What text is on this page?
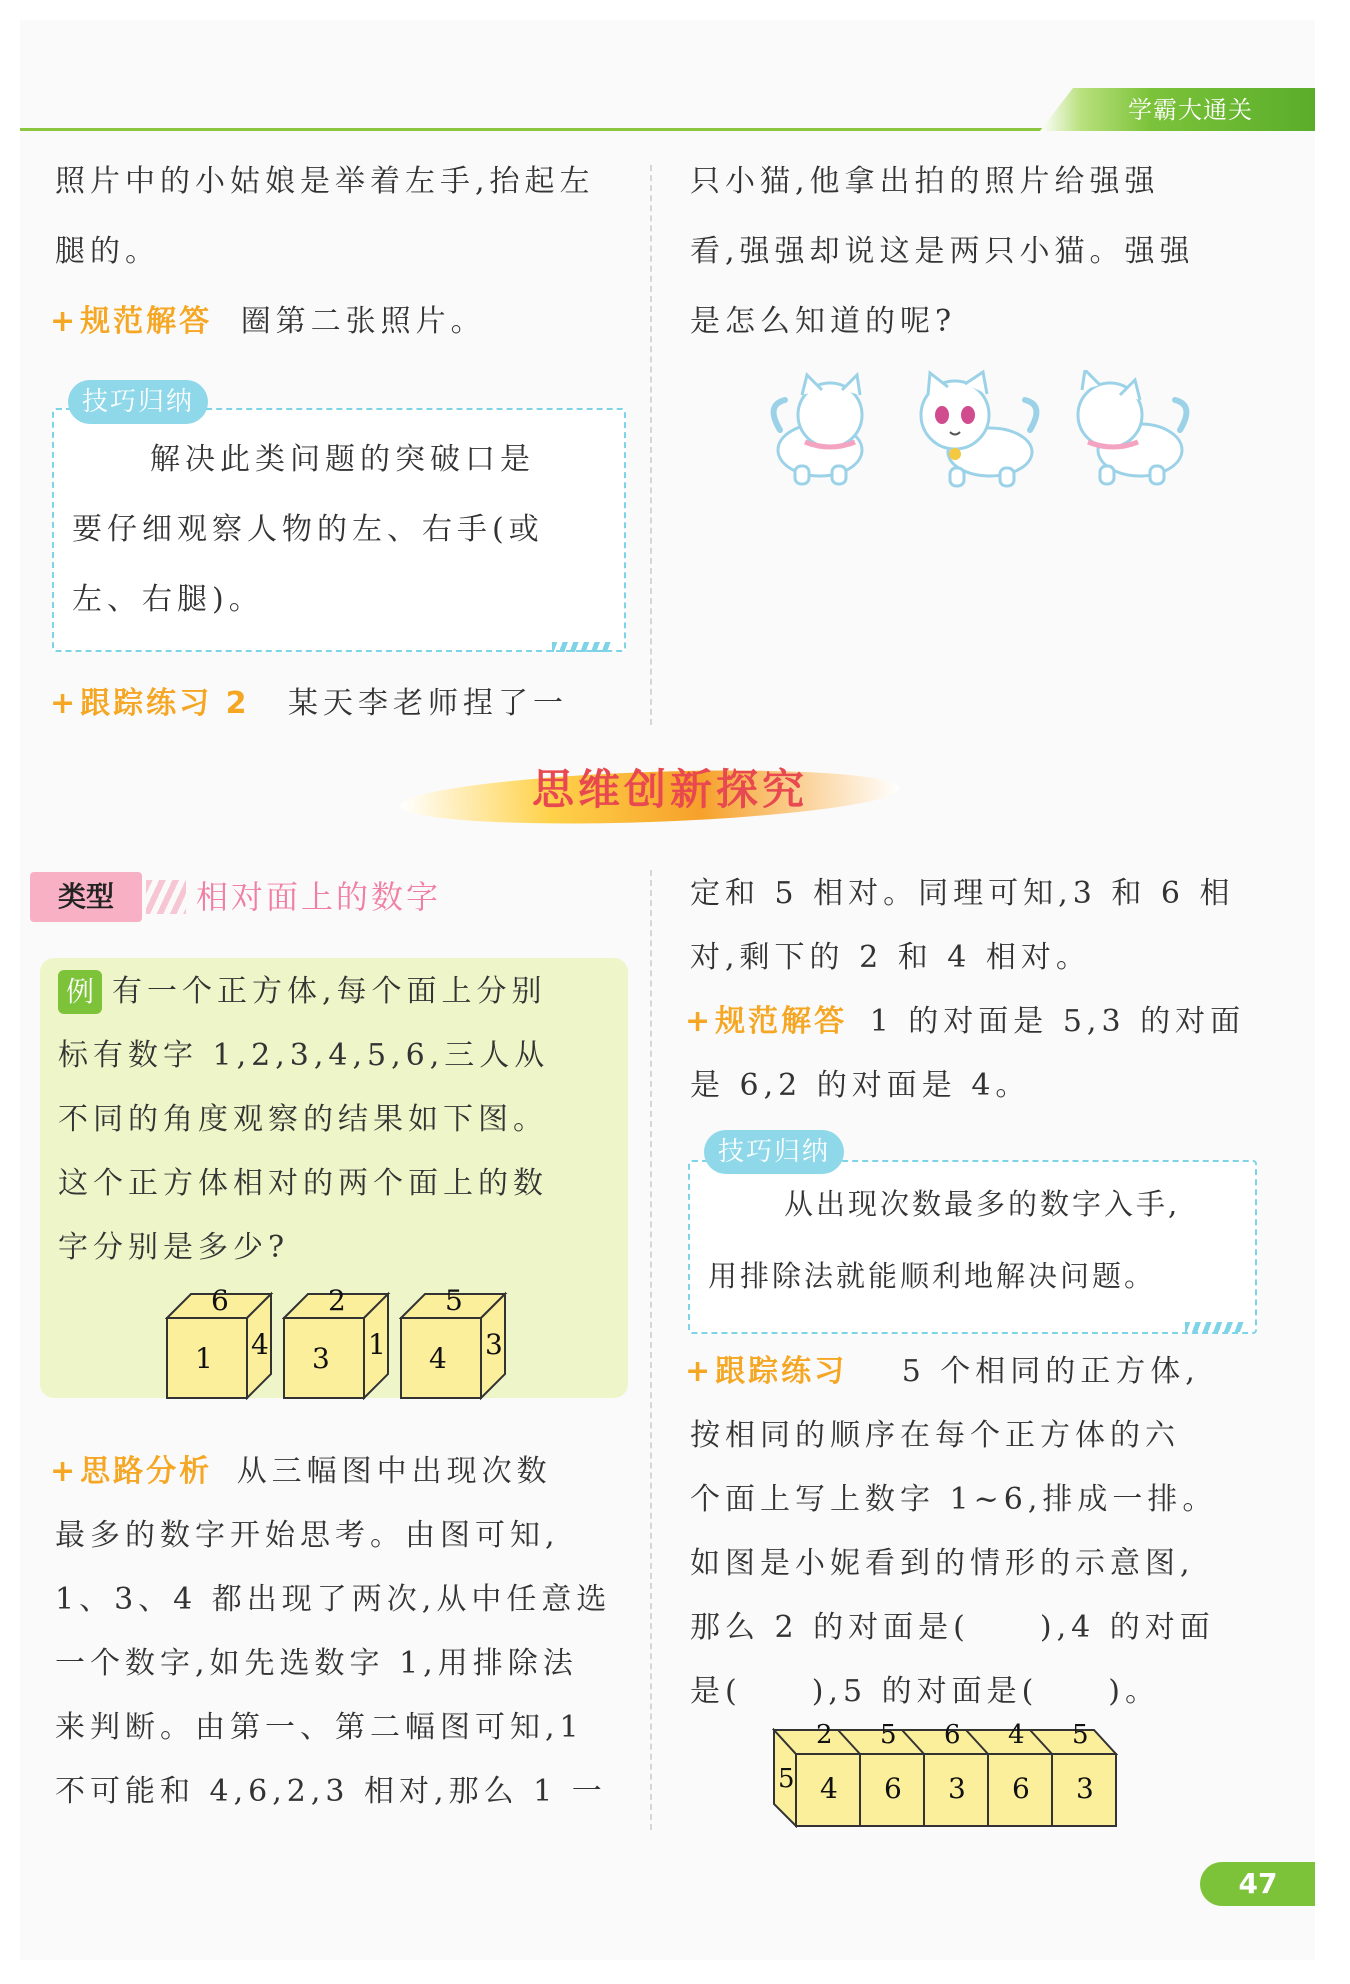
学霸大通关
照片中的小姑娘是举着左手,抬起左
腿的。
+规范解答 圈第二张照片。
技巧归纳
解决此类问题的突破口是
要仔细观察人物的左、右手(或
左、右腿)。
+跟踪练习 2 某天李老师捏了一
只小猫,他拿出拍的照片给强强
看,强强却说这是两只小猫。强强
是怎么知道的呢?
思维创新探究
类型	相对面上的数字
例 有一个正方体,每个面上分别
标有数字 1,2,3,4,5,6,三人从
不同的角度观察的结果如下图。
这个正方体相对的两个面上的数
字分别是多少?
6
1 4
2
3 1
5
4 3
+思路分析 从三幅图中出现次数
最多的数字开始思考。由图可知,
1、3、4 都出现了两次,从中任意选
一个数字,如先选数字 1,用排除法
来判断。由第一、第二幅图可知,1
不可能和 4,6,2,3 相对,那么 1 一
定和 5 相对。同理可知,3 和 6 相
对,剩下的 2 和 4 相对。
+规范解答 1 的对面是 5,3 的对面
是 6,2 的对面是 4。
技巧归纳
从出现次数最多的数字入手,
用排除法就能顺利地解决问题。
+跟踪练习 5 个相同的正方体,
按相同的顺序在每个正方体的六
个面上写上数字 1~6,排成一排。
如图是小妮看到的情形的示意图,
那么 2 的对面是(　　),4 的对面
是(　　),5 的对面是(　　)。
5
2 5 6 4 5
4 6 3 6 3
47
